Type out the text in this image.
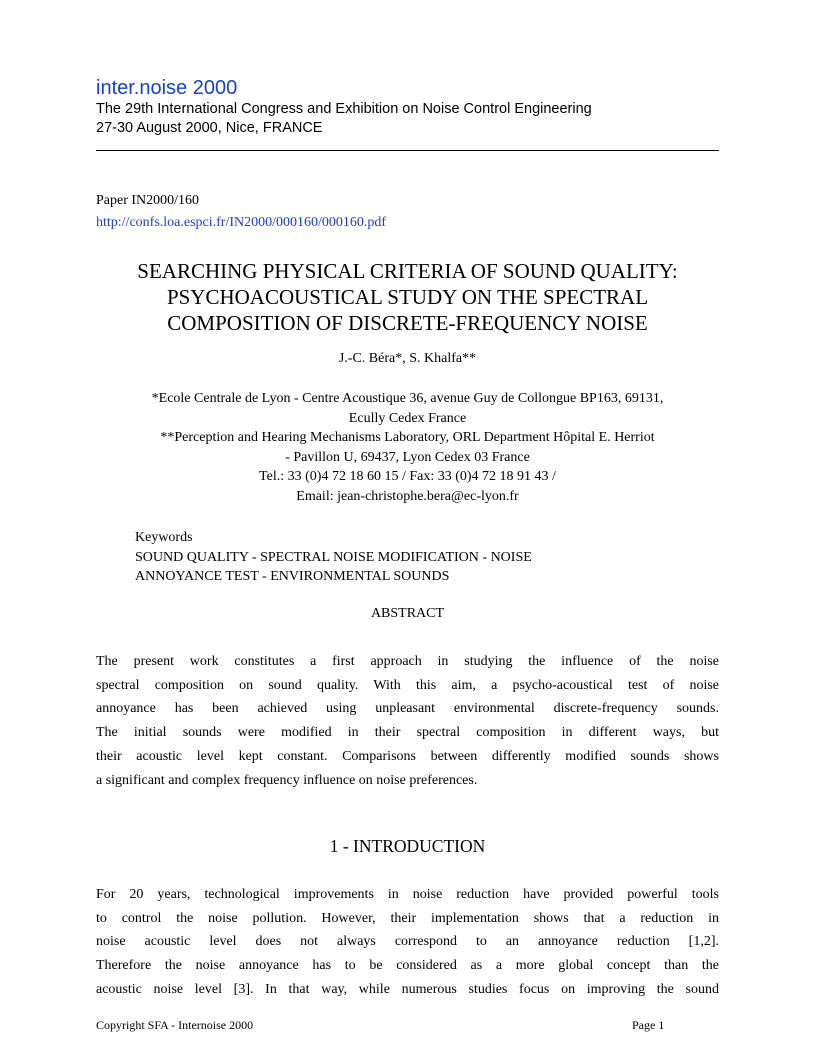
inter.noise 2000
The 29th International Congress and Exhibition on Noise Control Engineering
27-30 August 2000, Nice, FRANCE
Paper IN2000/160
http://confs.loa.espci.fr/IN2000/000160/000160.pdf
SEARCHING PHYSICAL CRITERIA OF SOUND QUALITY:
PSYCHOACOUSTICAL STUDY ON THE SPECTRAL
COMPOSITION OF DISCRETE-FREQUENCY NOISE
J.-C. Béra*, S. Khalfa**
*Ecole Centrale de Lyon - Centre Acoustique 36, avenue Guy de Collongue BP163, 69131,
Ecully Cedex France
**Perception and Hearing Mechanisms Laboratory, ORL Department Hôpital E. Herriot
- Pavillon U, 69437, Lyon Cedex 03 France
Tel.: 33 (0)4 72 18 60 15 / Fax: 33 (0)4 72 18 91 43 /
Email: jean-christophe.bera@ec-lyon.fr
Keywords
SOUND QUALITY - SPECTRAL NOISE MODIFICATION - NOISE
ANNOYANCE TEST - ENVIRONMENTAL SOUNDS
ABSTRACT
The present work constitutes a first approach in studying the influence of the noise
spectral composition on sound quality. With this aim, a psycho-acoustical test of noise
annoyance has been achieved using unpleasant environmental discrete-frequency sounds.
The initial sounds were modified in their spectral composition in different ways, but
their acoustic level kept constant. Comparisons between differently modified sounds shows
a significant and complex frequency influence on noise preferences.
1 - INTRODUCTION
For 20 years, technological improvements in noise reduction have provided powerful tools
to control the noise pollution. However, their implementation shows that a reduction in
noise acoustic level does not always correspond to an annoyance reduction [1,2].
Therefore the noise annoyance has to be considered as a more global concept than the
acoustic noise level [3]. In that way, while numerous studies focus on improving the sound
Copyright SFA - Internoise 2000	Page 1
